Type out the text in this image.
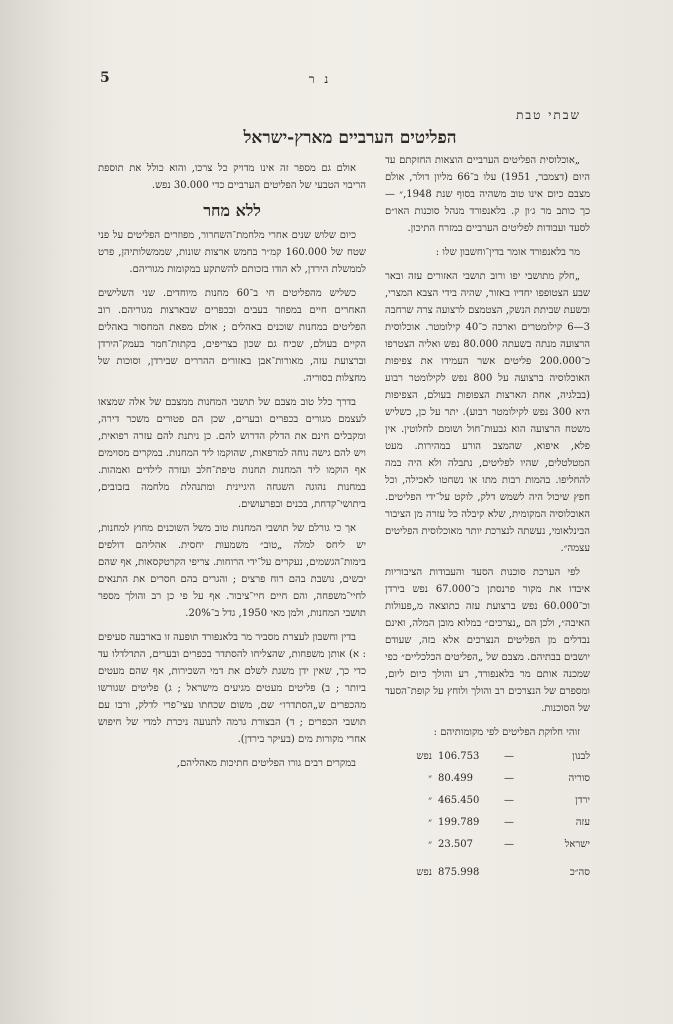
5	נ ר
שבתי טבת
הפליטים הערביים מארץ-ישראל

„אוכלוסית הפליטים הערביים הוצאות החזקתם עד היום (דצמבר, 1951) עלו ב־66 מליון דולר, אולם מצבם כיום אינו טוב משהיה בסוף שנת 1948,״ — כך כותב מר ג׳ון ק. בלאנפורד מנהל סוכנות האו״ם לסעד ועבודות לפליטים הערביים במזרח התיכון.

מר בלאנפורד אומר בדין־וחשבון שלו :

„חלק מתושבי יפו ורוב תושבי האזורים עזה ובאר שבע הצטופפו יחדיו באזור, שהיה בידי הצבא המצרי, ובשעת שביתת הנשק, הצטמצם לרצועה צרה שרחבה 3—6 קילומטרים וארכה כ־40 קילומטר. אוכלוסית הרצועה מנתה בשעתה 80.000 נפש ואליה הצטרפו כ־200.000 פליטים אשר העמידו את צפיפות האוכלוסיה ברצועה על 800 נפש לקילומטר רבוע (בבלגיה, אחת הארצות הצפופות בעולם, הצפיפות היא 300 נפש לקילומטר רבוע). יתר על כן, כשליש משטח הרצועה הוא גבעות־חול ושומם לחלוטין. אין פלא, איפוא, שהמצב הורע במהירות. מעט המטלטלים, שהיו לפליטים, נתבלה ולא היה במה להחליפו. בהמות רבות מתו או נשחטו לאכילה, וכל חפץ שיכול היה לשמש דלק, לוקט על־ידי הפליטים. האוכלוסיה המקומית, שלא קיבלה כל עזרה מן הציבור הבינלאומי, נעשתה לנצרכת יותר מאוכלוסית הפליטים עצמה״.

לפי הערכת סוכנות הסעד והעבודות הציבוריות איבדו את מקור פרנסתן כ־67.000 נפש בירדן וכ־60.000 נפש ברצועת עזה כתוצאה מ„פעולות האיבה״, ולכן הם „נצרכים״ במלוא מובן המלה, ואינם נבדלים מן הפליטים הנצרכים אלא בזה, שעודם יושבים בבתיהם. מצבם של „הפליטים הכלכליים״ כפי שמכנה אותם מר בלאנפורד, רע והולך כיום ליום, ומספרם של הנצרכים רב והולך ולוחץ על קופת־הסעד של הסוכנות.

זוהי חלוקת הפליטים לפי מקומותיהם :

לבנון
—
106.753
נפש
סוריה
—
80.499
״
ירדן
—
465.450
״
עזה
—
199.789
״
ישראל
—
23.507
״
סה״כ
875.998
נפש

אולם גם מספר זה אינו מדויק כל צרכו, והוא כולל את תוספת הריבוי הטבעי של הפליטים הערביים כדי 30.000 נפש.

ללא מחר

כיום שלוש שנים אחרי מלחמת־השחרור, מפוזרים הפליטים על פני שטח של 160.000 קמ״ר בחמש ארצות שונות, שממשלותיהן, פרט לממשלת הירדן, לא הודו בזכותם להשתקע במקומות מגוריהם.

כשליש מהפליטים חי ב־60 מחנות מיוחדים. שני השלישים האחרים חיים במפוזר בעבים ובכפרים שבארצות מגוריהם. רוב הפליטים במחנות שוכנים באהלים ; אולם מפאת המחסור באהלים הקיים בעולם, שכיח גם שכון בצריפים, בקתות־חמר בעמק־הירדן וברצועת עזה, מאורות־אבן באזורים ההררים שבירדן, וסוכות של מחצלות בסוריה.

בדרך כלל טוב מצבם של תושבי המחנות ממצבם של אלה שמצאו לעצמם מגורים בכפרים ובערים, שכן הם פטורים משכר דירה, ומקבלים חינם את הדלק הדרוש להם. כן ניתנת להם עזרה רפואית, ויש להם גישה נוחה למרפאות, שהוקמו ליד המחנות. במקרים מסוימים אף הוקמו ליד המחנות תחנות טיפת־חלב ועזרה לילדים ואמהות. במחנות נהוגה השגחה היגיינית ומתנהלת מלחמה בזבובים, ביתושי־קדחת, בכנים ובפרעושים.

אך כי גורלם של תושבי המחנות טוב משל השוכנים מחוץ למחנות, יש ליחס למלה „טוב״ משמעות יחסית. אהליהם דולפים בימות־הגשמים, נעקרים על־ידי הרוחות. צריפי הקרטקסאות, אף שהם יבשים, נושבת בהם רוח פרצים ; והגרים בהם חסרים את התנאים לחיי־משפחה, והם חיים חיי־ציבור. אף על פי כן רב והולך מספר תושבי המחנות, ולמן מאי 1950, גדל ב־20%.

בדין וחשבון לעצרת מסביר מר בלאנפורד תופעה זו בארבעה סעיפים : א) אותן משפחות, שהצליחו להסתדר בכפרים ובערים, התדלדלו עד כדי כך, שאין ידן משגת לשלם את דמי השכירות, אף שהם מעטים ביותר ; ב) פליטים מעטים מגיעים מישראל ; ג) פליטים שגורשו מהכפרים ש„הסתדרו״ שם, משום שכחתו עצי־פרי לדלק, ורבו עם תושבי הכפרים ; ד) הבצורת גרמה לתנועה ניכרת למדי של חיפוש אחרי מקורות מים (בעיקר בירדן).

במקרים רבים גורו הפליטים חתיכות מאהליהם,
